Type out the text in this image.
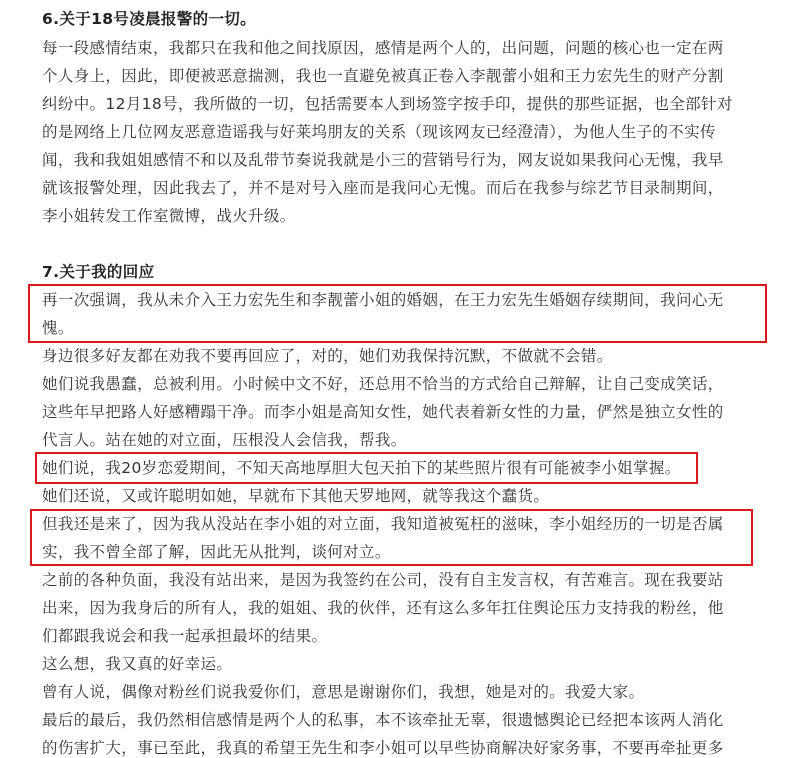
6.关于18号凌晨报警的一切。
每一段感情结束，我都只在我和他之间找原因，感情是两个人的，出问题，问题的核心也一定在两
个人身上，因此，即便被恶意揣测，我也一直避免被真正卷入李靓蕾小姐和王力宏先生的财产分割
纠纷中。12月18号，我所做的一切，包括需要本人到场签字按手印，提供的那些证据，也全部针对
的是网络上几位网友恶意造谣我与好莱坞朋友的关系（现该网友已经澄清），为他人生子的不实传
闻，我和我姐姐感情不和以及乱带节奏说我就是小三的营销号行为，网友说如果我问心无愧，我早
就该报警处理，因此我去了，并不是对号入座而是我问心无愧。而后在我参与综艺节目录制期间，
李小姐转发工作室微博，战火升级。
7.关于我的回应
再一次强调，我从未介入王力宏先生和李靓蕾小姐的婚姻，在王力宏先生婚姻存续期间，我问心无
愧。
身边很多好友都在劝我不要再回应了，对的，她们劝我保持沉默，不做就不会错。
她们说我愚蠢，总被利用。小时候中文不好，还总用不恰当的方式给自己辩解，让自己变成笑话，
这些年早把路人好感糟蹋干净。而李小姐是高知女性，她代表着新女性的力量，俨然是独立女性的
代言人。站在她的对立面，压根没人会信我，帮我。
她们说，我20岁恋爱期间，不知天高地厚胆大包天拍下的某些照片很有可能被李小姐掌握。
她们还说，又或许聪明如她，早就布下其他天罗地网，就等我这个蠢货。
但我还是来了，因为我从没站在李小姐的对立面，我知道被冤枉的滋味，李小姐经历的一切是否属
实，我不曾全部了解，因此无从批判，谈何对立。
之前的各种负面，我没有站出来，是因为我签约在公司，没有自主发言权，有苦难言。现在我要站
出来，因为我身后的所有人，我的姐姐、我的伙伴，还有这么多年扛住舆论压力支持我的粉丝，他
们都跟我说会和我一起承担最坏的结果。
这么想，我又真的好幸运。
曾有人说，偶像对粉丝们说我爱你们，意思是谢谢你们，我想，她是对的。我爱大家。
最后的最后，我仍然相信感情是两个人的私事，本不该牵扯无辜，很遗憾舆论已经把本该两人消化
的伤害扩大，事已至此，我真的希望王先生和李小姐可以早些协商解决好家务事，不要再牵扯更多
